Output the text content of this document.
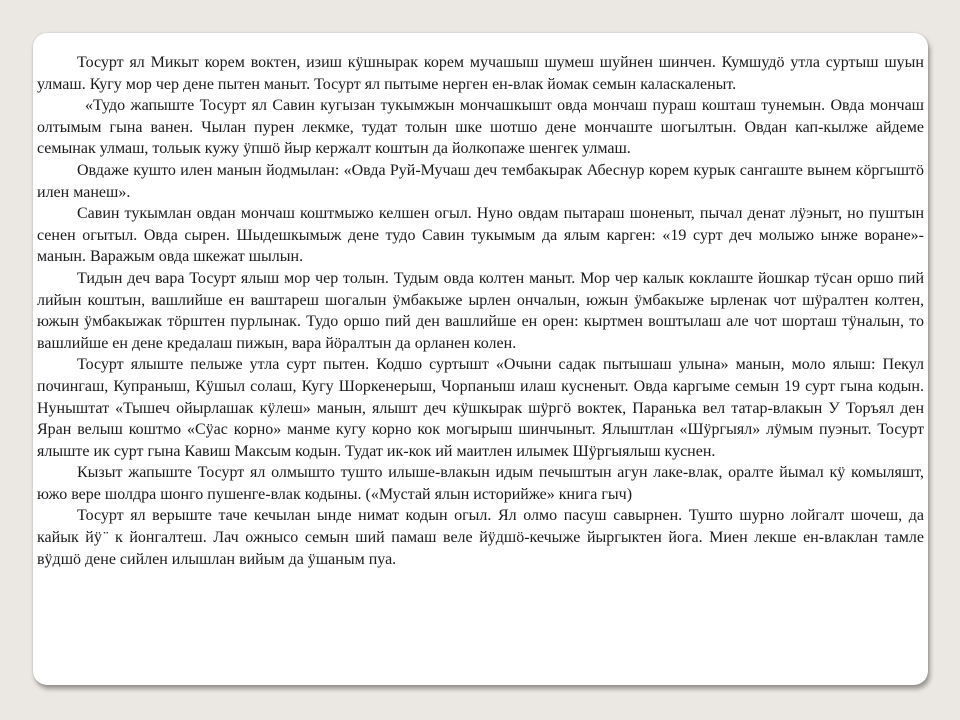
Тосурт ял Микыт корем воктен, изиш кӱшнырак корем мучашыш шумеш шуйнен шинчен. Кумшудӧ утла суртыш шуын улмаш. Кугу мор чер дене пытен маныт. Тосурт ял пытыме нерген ен-влак йомак семын каласкаленыт.

«Тудо жапыште Тосурт ял Савин кугызан тукымжын мончашкышт овда мончаш пураш кошташ тунемын. Овда мончаш олтымым гына ванен. Чылан пурен лекмке, тудат толын шке шотшо дене мончаште шогылтын. Овдан кап-кылже айдеме семынак улмаш, тольык кужу ӱпшӧ йыр кержалт коштын да йолкопаже шенгек улмаш.

Овдаже кушто илен манын йодмылан: «Овда Руй-Мучаш деч тембакырак Абеснур корем курык сангаште вынем кӧргыштӧ илен манеш».

Савин тукымлан овдан мончаш коштмыжо келшен огыл. Нуно овдам пытараш шоненыт, пычал денат лӱэныт, но пуштын сенен огытыл. Овда сырен. Шыдешкымыж дене тудо Савин тукымым да ялым карген: «19 сурт деч молыжо ынже воране»-манын. Варажым овда шкежат шылын.

Тидын деч вара Тосурт ялыш мор чер толын. Тудым овда колтен маныт. Мор чер калык коклаште йошкар тӱсан оршо пий лийын коштын, вашлийше ен ваштареш шогалын ӱмбакыже ырлен ончалын, южын ӱмбакыже ырленак чот шӱралтен колтен, южын ӱмбакыжак тӧрштен пурлынак. Тудо оршо пий ден вашлийше ен орен: кыртмен воштылаш але чот шорташ тӱналын, то вашлийше ен дене кредалаш пижын, вара йӧралтын да орланен колен.

Тосурт ялыште пелыже утла сурт пытен. Кодшо суртышт «Очыни садак пытышаш улына» манын, моло ялыш: Пекул почингаш, Купраныш, Кӱшыл солаш, Кугу Шоркенерыш, Чорпаныш илаш кусненыт. Овда каргыме семын 19 сурт гына кодын. Нуныштат «Тышеч ойырлашак кӱлеш» манын, ялышт деч кӱшкырак шӱргӧ воктек, Паранька вел татар-влакын У Торъял ден Яран велыш коштмо «Сӱас корно» манме кугу корно кок могырыш шинчыныт. Ялыштлан «Шӱргыял» лӱмым пуэныт. Тосурт ялыште ик сурт гына Кавиш Максым кодын. Тудат ик-кок ий маитлен илымек Шӱргыялыш куснен.

Кызыт жапыште Тосурт ял олмышто тушто илыше-влакын идым печыштын агун лаке-влак, оралте йымал кӱ комыляшт, южо вере шолдра шонго пушенге-влак кодыны. («Мустай ялын историйже» книга гыч)

Тосурт ял верыште таче кечылан ынде нимат кодын огыл. Ял олмо пасуш савырнен. Тушто шурно лойгалт шочеш, да кайык йӱ ̈ к йонгалтеш. Лач ожнысо семын ший памаш веле йӱдшӧ-кечыже йыргыктен йога. Миен лекше ен-влаклан тамле вӱдшӧ дене сийлен илышлан вийым да ӱшаным пуа.
